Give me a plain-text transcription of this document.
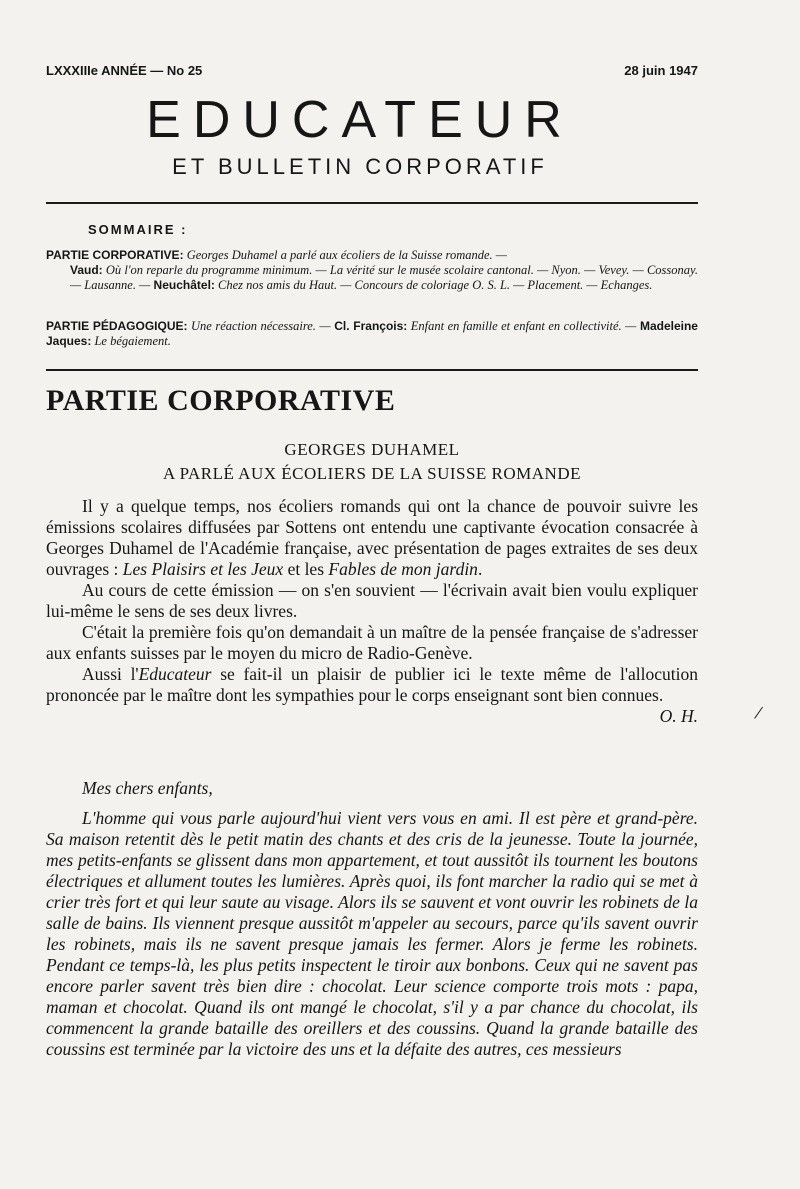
LXXXIIIe ANNÉE — No 25	28 juin 1947
EDUCATEUR
ET BULLETIN CORPORATIF
SOMMAIRE :
PARTIE CORPORATIVE: Georges Duhamel a parlé aux écoliers de la Suisse romande. —
Vaud: Où l'on reparle du programme minimum. — La vérité sur le musée scolaire cantonal. — Nyon. — Vevey. — Cossonay. — Lausanne. — Neuchâtel: Chez nos amis du Haut. — Concours de coloriage O. S. L. — Placement. — Echanges.
PARTIE PÉDAGOGIQUE: Une réaction nécessaire. — Cl. François: Enfant en famille et enfant en collectivité. — Madeleine Jaques: Le bégaiement.
PARTIE CORPORATIVE
GEORGES DUHAMEL
A PARLÉ AUX ÉCOLIERS DE LA SUISSE ROMANDE

Il y a quelque temps, nos écoliers romands qui ont la chance de pouvoir suivre les émissions scolaires diffusées par Sottens ont entendu une captivante évocation consacrée à Georges Duhamel de l'Académie française, avec présentation de pages extraites de ses deux ouvrages : Les Plaisirs et les Jeux et les Fables de mon jardin.

Au cours de cette émission — on s'en souvient — l'écrivain avait bien voulu expliquer lui-même le sens de ses deux livres.

C'était la première fois qu'on demandait à un maître de la pensée française de s'adresser aux enfants suisses par le moyen du micro de Radio-Genève.

Aussi l'Educateur se fait-il un plaisir de publier ici le texte même de l'allocution prononcée par le maître dont les sympathies pour le corps enseignant sont bien connues.
O. H.

Mes chers enfants,

L'homme qui vous parle aujourd'hui vient vers vous en ami. Il est père et grand-père. Sa maison retentit dès le petit matin des chants et des cris de la jeunesse. Toute la journée, mes petits-enfants se glissent dans mon appartement, et tout aussitôt ils tournent les boutons électriques et allument toutes les lumières. Après quoi, ils font marcher la radio qui se met à crier très fort et qui leur saute au visage. Alors ils se sauvent et vont ouvrir les robinets de la salle de bains. Ils viennent presque aussitôt m'appeler au secours, parce qu'ils savent ouvrir les robinets, mais ils ne savent presque jamais les fermer. Alors je ferme les robinets. Pendant ce temps-là, les plus petits inspectent le tiroir aux bonbons. Ceux qui ne savent pas encore parler savent très bien dire : chocolat. Leur science comporte trois mots : papa, maman et chocolat. Quand ils ont mangé le chocolat, s'il y a par chance du chocolat, ils commencent la grande bataille des oreillers et des coussins. Quand la grande bataille des coussins est terminée par la victoire des uns et la défaite des autres, ces messieurs
